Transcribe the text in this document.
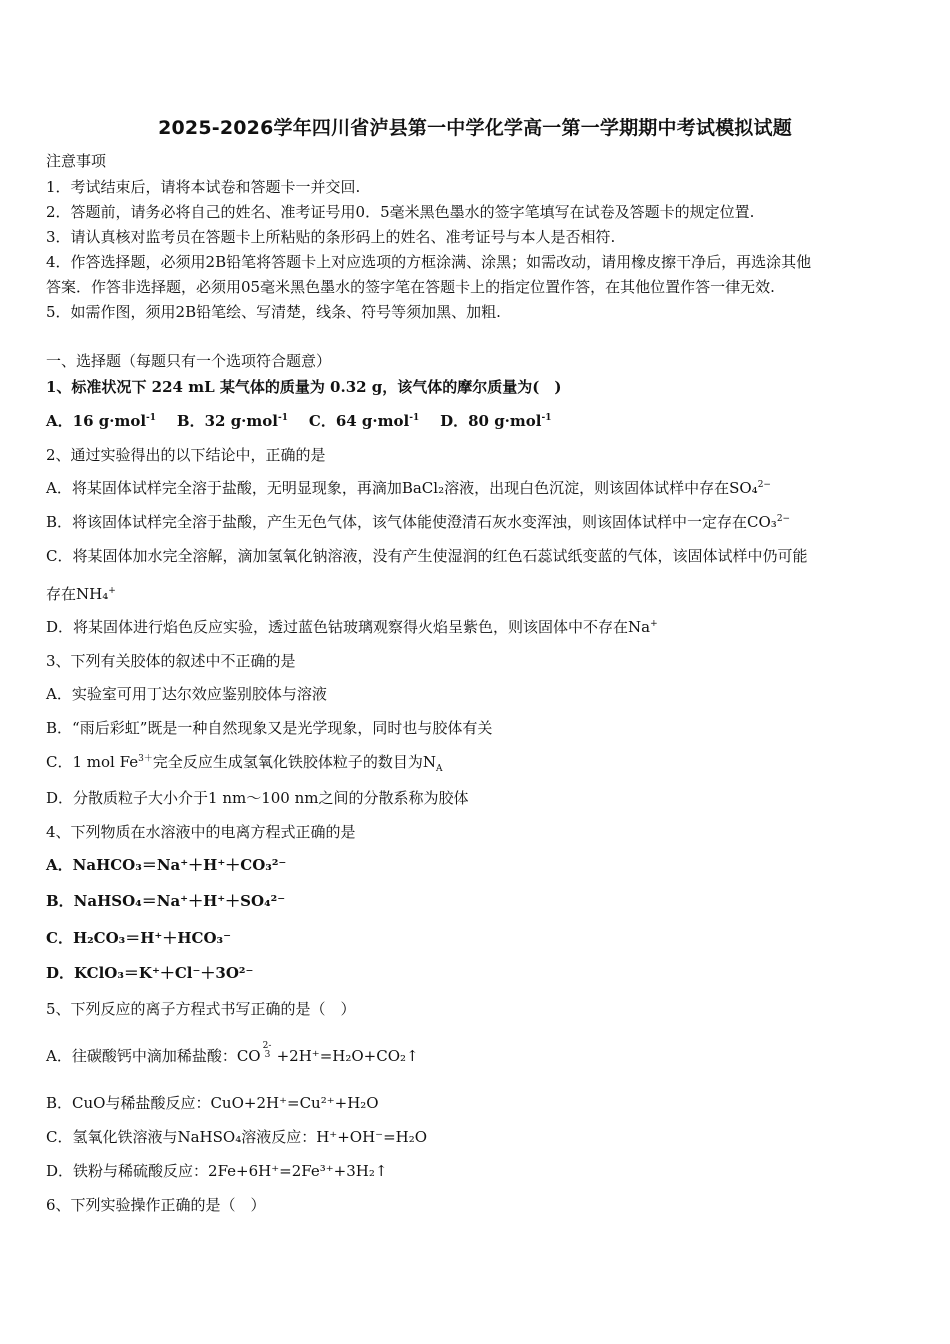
2025-2026学年四川省泸县第一中学化学高一第一学期期中考试模拟试题
注意事项
1．考试结束后，请将本试卷和答题卡一并交回.
2．答题前，请务必将自己的姓名、准考证号用0．5毫米黑色墨水的签字笔填写在试卷及答题卡的规定位置.
3．请认真核对监考员在答题卡上所粘贴的条形码上的姓名、准考证号与本人是否相符.
4．作答选择题，必须用2B铅笔将答题卡上对应选项的方框涂满、涂黑；如需改动，请用橡皮擦干净后，再选涂其他
答案．作答非选择题，必须用05毫米黑色墨水的签字笔在答题卡上的指定位置作答，在其他位置作答一律无效.
5．如需作图，须用2B铅笔绘、写清楚，线条、符号等须加黑、加粗.
一、选择题（每题只有一个选项符合题意）
1、标准状况下 224 mL 某气体的质量为 0.32 g，该气体的摩尔质量为(　)
A．16 g·mol$^{-1}$ B．32 g·mol$^{-1}$ C．64 g·mol$^{-1}$ D．80 g·mol$^{-1}$
2、通过实验得出的以下结论中，正确的是
A．将某固体试样完全溶于盐酸，无明显现象，再滴加BaCl₂溶液，出现白色沉淀，则该固体试样中存在SO₄$^{2-}$
B．将该固体试样完全溶于盐酸，产生无色气体，该气体能使澄清石灰水变浑浊，则该固体试样中一定存在CO₃$^{2-}$
C．将某固体加水完全溶解，滴加氢氧化钠溶液，没有产生使湿润的红色石蕊试纸变蓝的气体，该固体试样中仍可能
存在NH₄+
D．将某固体进行焰色反应实验，透过蓝色钴玻璃观察得火焰呈紫色，则该固体中不存在Na+
3、下列有关胶体的叙述中不正确的是
A．实验室可用丁达尔效应鉴别胶体与溶液
B．“雨后彩虹”既是一种自然现象又是光学现象，同时也与胶体有关
C．1 mol $Fe^{3+}$完全反应生成氢氧化铁胶体粒子的数目为$N_A$
D．分散质粒子大小介于1 nm～100 nm之间的分散系称为胶体
4、下列物质在水溶液中的电离方程式正确的是
A．NaHCO₃＝Na⁺＋H⁺＋CO₃²⁻
B．NaHSO₄＝Na⁺＋H⁺＋SO₄²⁻
C．H₂CO₃＝H⁺＋HCO₃⁻
D．KClO₃＝K⁺＋Cl⁻＋3O²⁻
5、下列反应的离子方程式书写正确的是（　）
A．往碳酸钙中滴加稀盐酸：CO
2-
3 +2H⁺=H₂O+CO₂↑
B．CuO与稀盐酸反应：CuO+2H⁺=Cu²⁺+H₂O
C．氢氧化铁溶液与NaHSO₄溶液反应：H⁺+OH⁻=H₂O
D．铁粉与稀硫酸反应：2Fe+6H⁺=2Fe³⁺+3H₂↑
6、下列实验操作正确的是（　）
